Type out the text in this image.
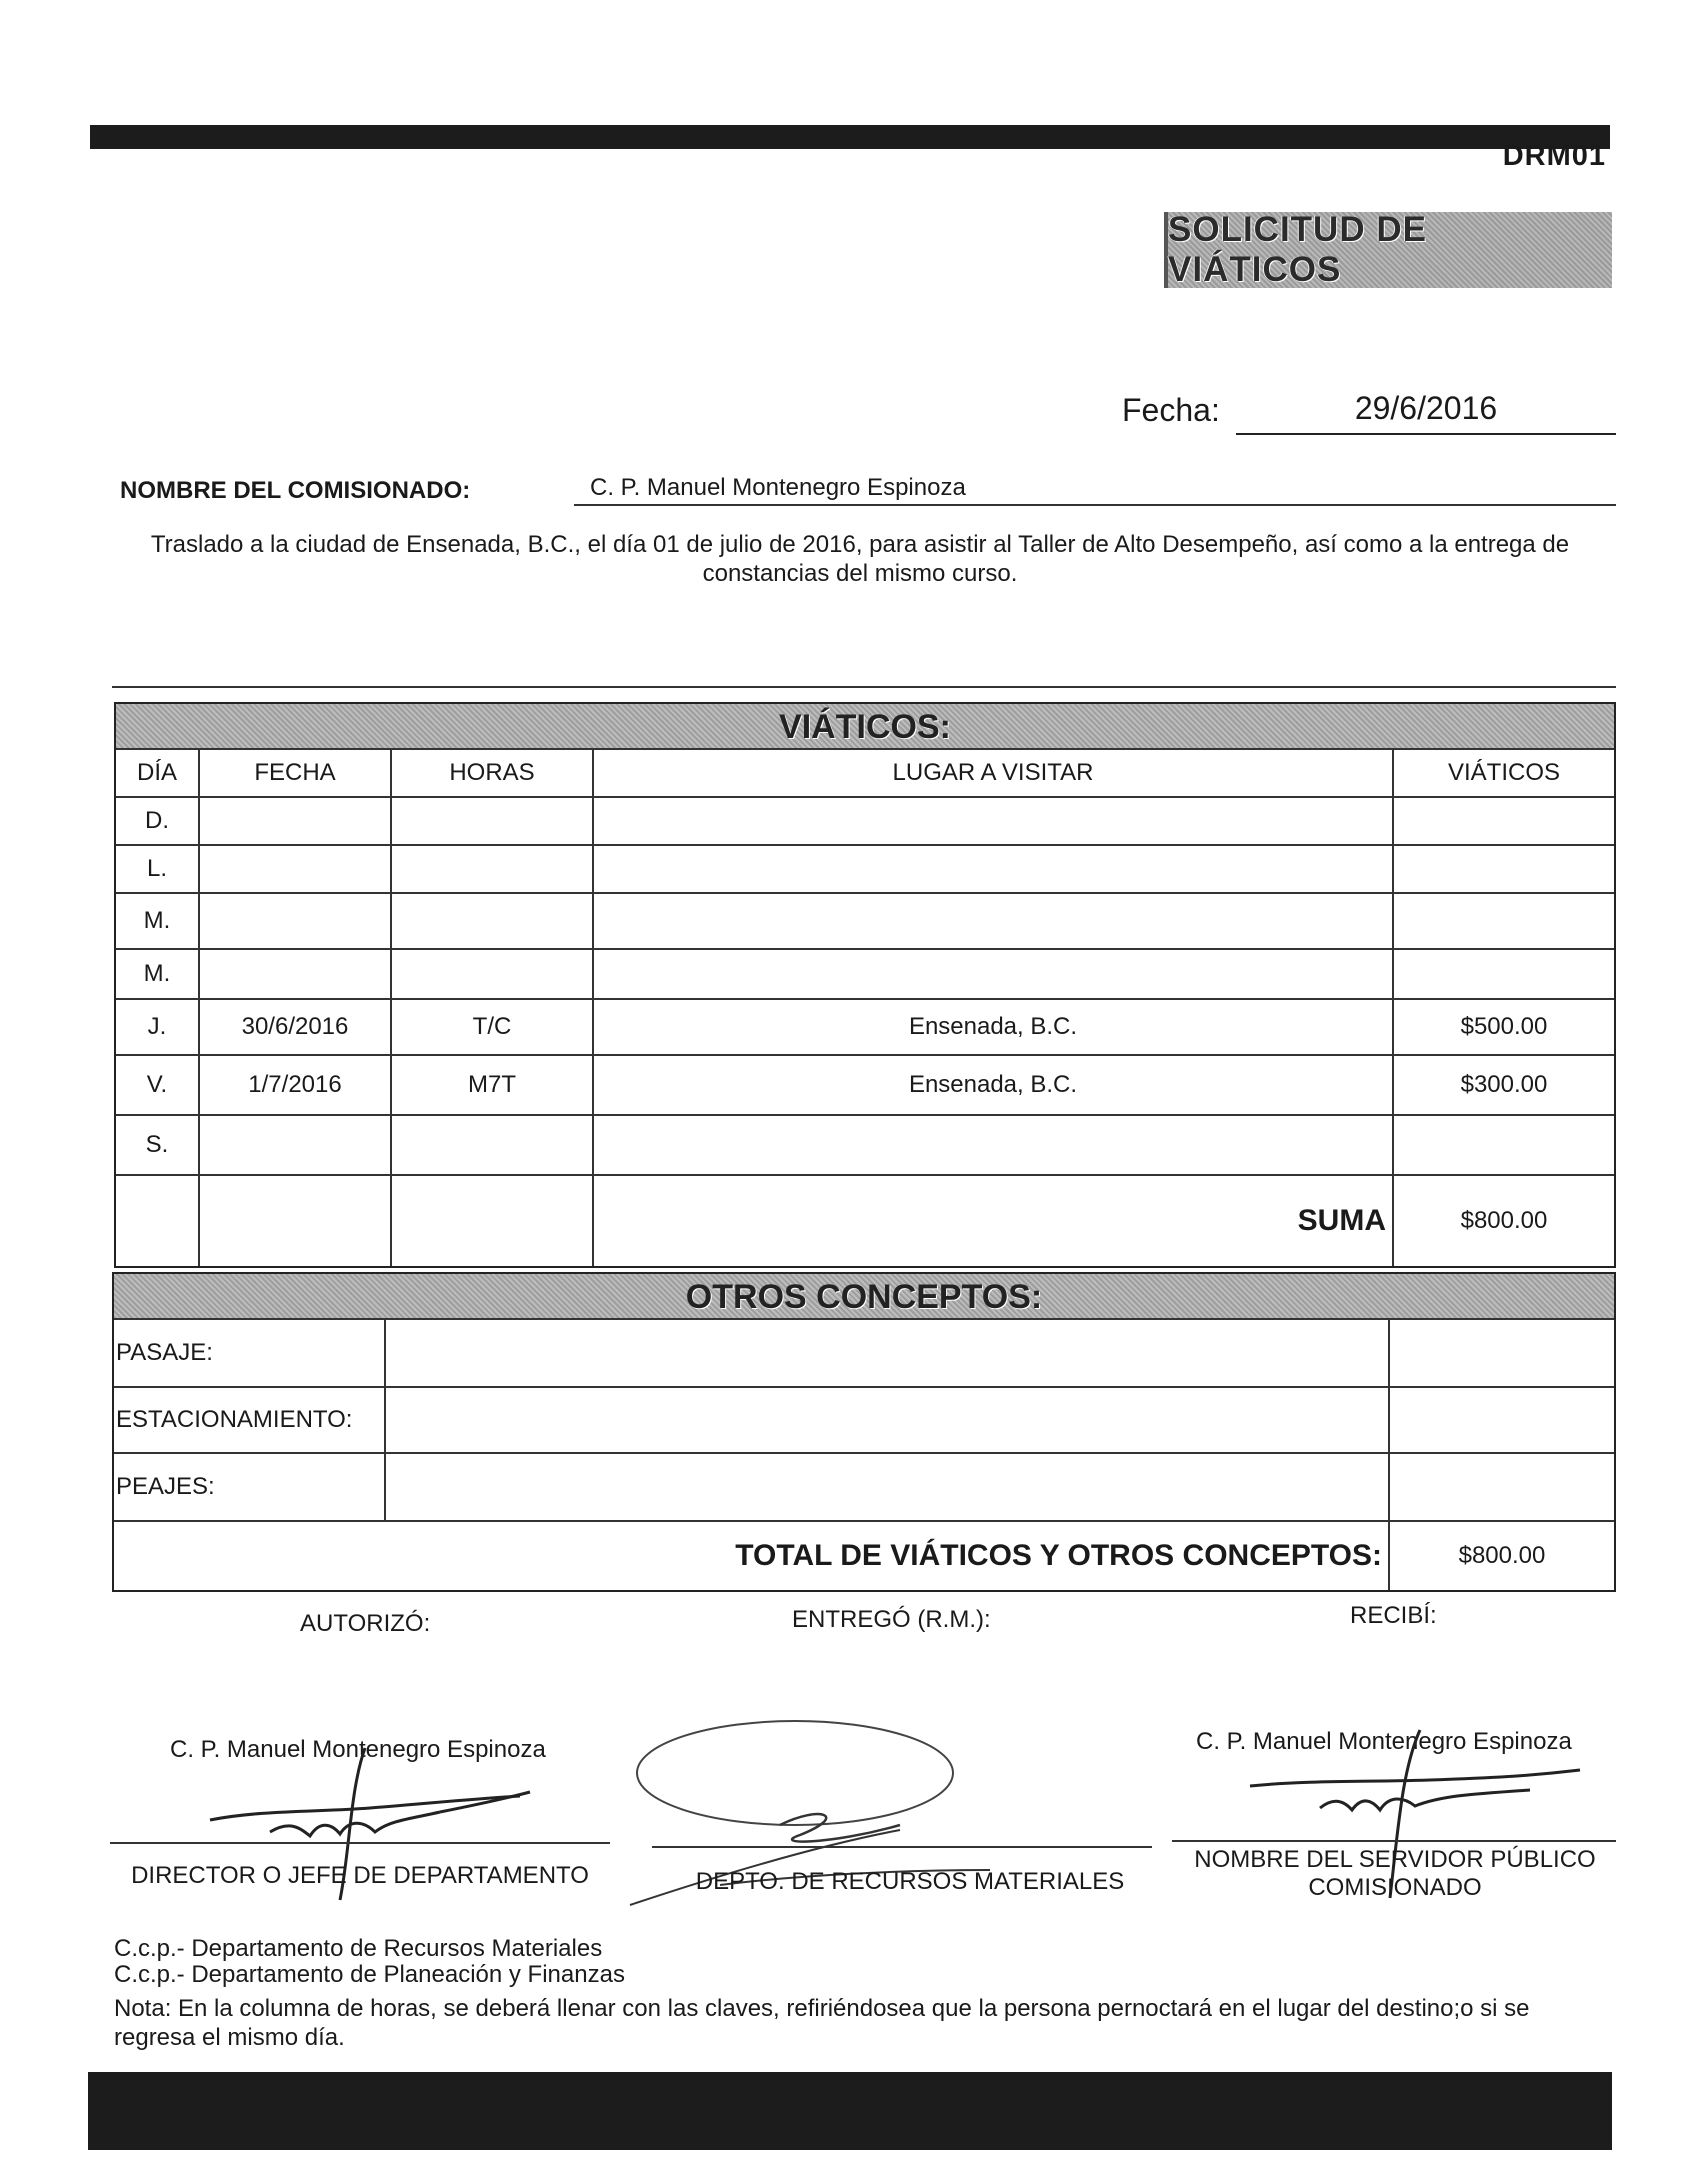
DRM01
SOLICITUD DE VIÁTICOS
Fecha:	29/6/2016
NOMBRE DEL COMISIONADO:	C. P. Manuel Montenegro Espinoza
Traslado a la ciudad de Ensenada, B.C., el día 01 de julio de 2016, para asistir al Taller de Alto Desempeño, así como a la entrega de
constancias del mismo curso.
VIÁTICOS:
DÍA	FECHA	HORAS	LUGAR A VISITAR	VIÁTICOS
D.
L.
M.
M.
J.	30/6/2016	T/C	Ensenada, B.C.	$500.00
V.	1/7/2016	M7T	Ensenada, B.C.	$300.00
S.
SUMA	$800.00
OTROS CONCEPTOS:
PASAJE:
ESTACIONAMIENTO:
PEAJES:
TOTAL DE VIÁTICOS Y OTROS CONCEPTOS:	$800.00
AUTORIZÓ:	ENTREGÓ (R.M.):	RECIBÍ:
C. P. Manuel Montenegro Espinoza
DIRECTOR O JEFE DE DEPARTAMENTO	DEPTO. DE RECURSOS MATERIALES
C. P. Manuel Montenegro Espinoza
NOMBRE DEL SERVIDOR PÚBLICO
COMISIONADO
C.c.p.- Departamento de Recursos Materiales
C.c.p.- Departamento de Planeación y Finanzas
Nota: En la columna de horas, se deberá llenar con las claves, refiriéndosea que la persona pernoctará en el lugar del destino;o si se
regresa el mismo día.
